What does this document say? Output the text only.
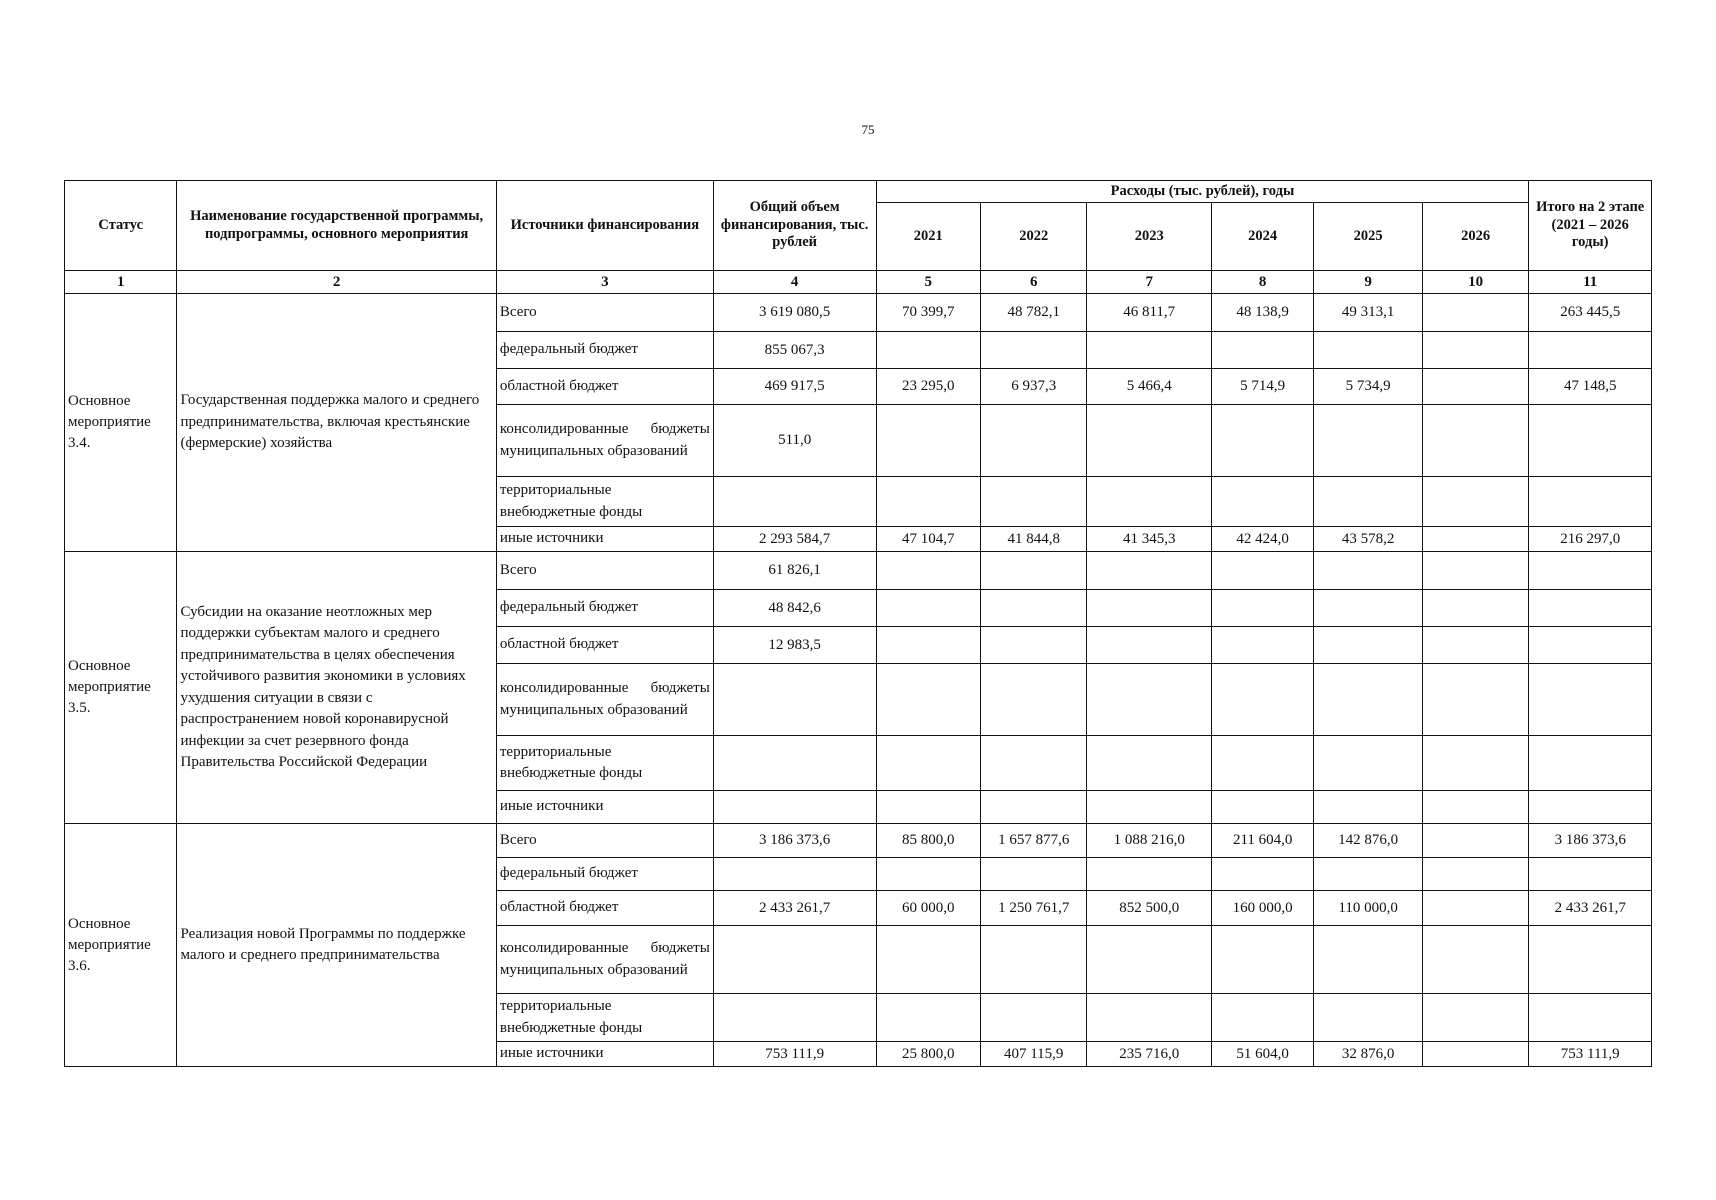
75
Статус	Наименование государственной программы, подпрограммы, основного мероприятия	Источники финансирования	Общий объем финансирования, тыс. рублей	Расходы (тыс. рублей), годы						Итого на 2 этапе (2021 – 2026 годы)
				2021	2022	2023	2024	2025	2026	
1	2	3	4	5	6	7	8	9	10	11
Основное мероприятие 3.4.	Государственная поддержка малого и среднего предпринимательства, включая крестьянские (фермерские) хозяйства	Всего	3 619 080,5	70 399,7	48 782,1	46 811,7	48 138,9	49 313,1		263 445,5
		федеральный бюджет	855 067,3							
		областной бюджет	469 917,5	23 295,0	6 937,3	5 466,4	5 714,9	5 734,9		47 148,5
		консолидированные бюджеты муниципальных образований	511,0							
		территориальные внебюджетные фонды								
		иные источники	2 293 584,7	47 104,7	41 844,8	41 345,3	42 424,0	43 578,2		216 297,0
Основное мероприятие 3.5.	Субсидии на оказание неотложных мер поддержки субъектам малого и среднего предпринимательства в целях обеспечения устойчивого развития экономики в условиях ухудшения ситуации в связи с распространением новой коронавирусной инфекции за счет резервного фонда Правительства Российской Федерации	Всего	61 826,1							
		федеральный бюджет	48 842,6							
		областной бюджет	12 983,5							
		консолидированные бюджеты муниципальных образований								
		территориальные внебюджетные фонды								
		иные источники								
Основное мероприятие 3.6.	Реализация новой Программы по поддержке малого и среднего предпринимательства	Всего	3 186 373,6	85 800,0	1 657 877,6	1 088 216,0	211 604,0	142 876,0		3 186 373,6
		федеральный бюджет								
		областной бюджет	2 433 261,7	60 000,0	1 250 761,7	852 500,0	160 000,0	110 000,0		2 433 261,7
		консолидированные бюджеты муниципальных образований								
		территориальные внебюджетные фонды								
		иные источники	753 111,9	25 800,0	407 115,9	235 716,0	51 604,0	32 876,0		753 111,9
